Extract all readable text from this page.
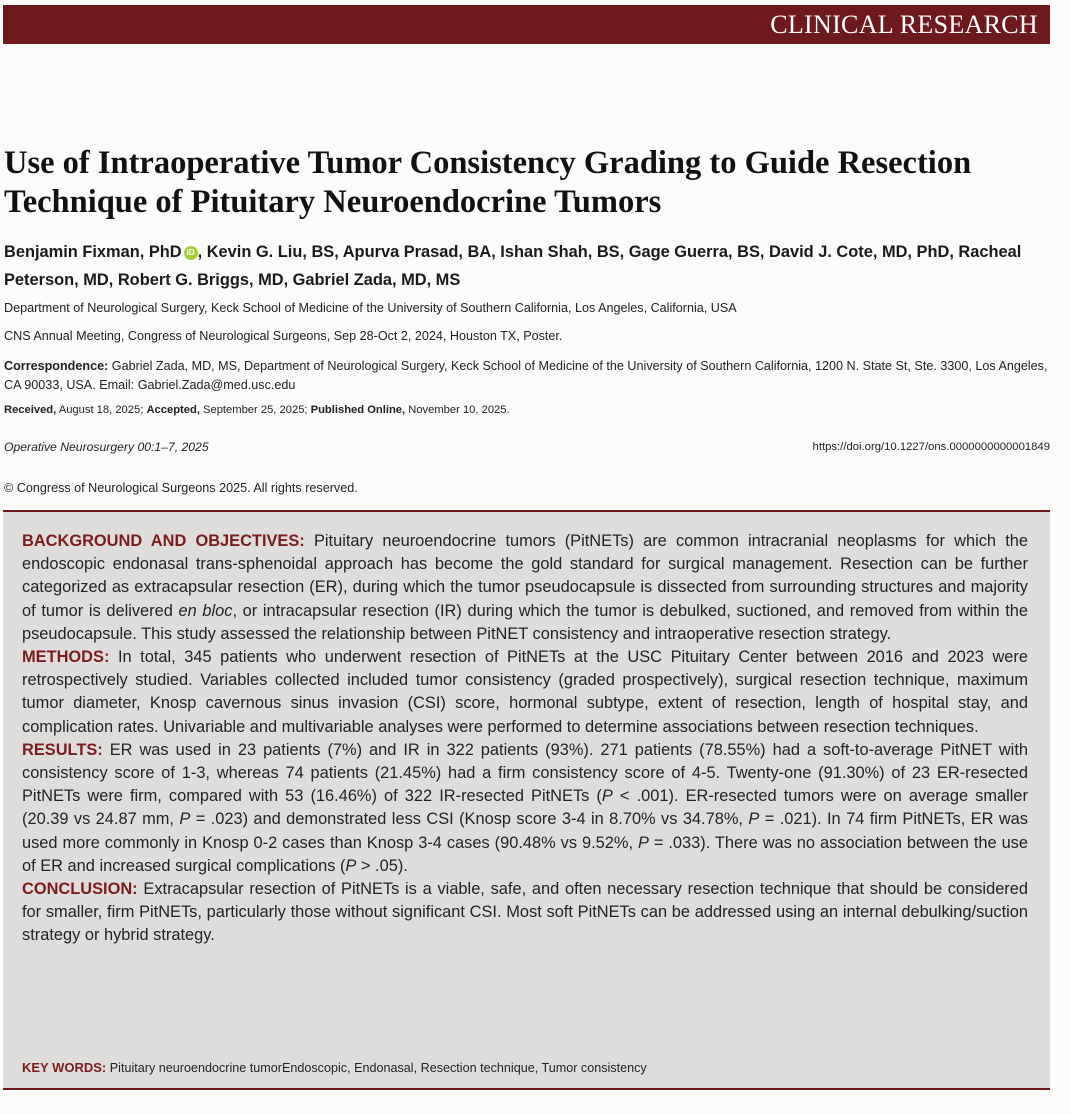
CLINICAL RESEARCH
Use of Intraoperative Tumor Consistency Grading to Guide Resection Technique of Pituitary Neuroendocrine Tumors
Benjamin Fixman, PhD iD , Kevin G. Liu, BS, Apurva Prasad, BA, Ishan Shah, BS, Gage Guerra, BS, David J. Cote, MD, PhD, Racheal Peterson, MD, Robert G. Briggs, MD, Gabriel Zada, MD, MS
Department of Neurological Surgery, Keck School of Medicine of the University of Southern California, Los Angeles, California, USA
CNS Annual Meeting, Congress of Neurological Surgeons, Sep 28-Oct 2, 2024, Houston TX, Poster.
Correspondence: Gabriel Zada, MD, MS, Department of Neurological Surgery, Keck School of Medicine of the University of Southern California, 1200 N. State St, Ste. 3300, Los Angeles, CA 90033, USA. Email: Gabriel.Zada@med.usc.edu
Received, August 18, 2025; Accepted, September 25, 2025; Published Online, November 10, 2025.
Operative Neurosurgery 00:1–7, 2025	https://doi.org/10.1227/ons.0000000000001849
© Congress of Neurological Surgeons 2025. All rights reserved.

BACKGROUND AND OBJECTIVES: Pituitary neuroendocrine tumors (PitNETs) are common intracranial neoplasms for which the endoscopic endonasal trans-sphenoidal approach has become the gold standard for surgical management. Resection can be further categorized as extracapsular resection (ER), during which the tumor pseudocapsule is dissected from surrounding structures and majority of tumor is delivered en bloc, or intracapsular resection (IR) during which the tumor is debulked, suctioned, and removed from within the pseudocapsule. This study assessed the relationship between PitNET consistency and intraoperative resection strategy.

METHODS: In total, 345 patients who underwent resection of PitNETs at the USC Pituitary Center between 2016 and 2023 were retrospectively studied. Variables collected included tumor consistency (graded prospectively), surgical resection technique, maximum tumor diameter, Knosp cavernous sinus invasion (CSI) score, hormonal subtype, extent of resection, length of hospital stay, and complication rates. Univariable and multivariable analyses were performed to determine associations between resection techniques.

RESULTS: ER was used in 23 patients (7%) and IR in 322 patients (93%). 271 patients (78.55%) had a soft-to-average PitNET with consistency score of 1-3, whereas 74 patients (21.45%) had a firm consistency score of 4-5. Twenty-one (91.30%) of 23 ER-resected PitNETs were firm, compared with 53 (16.46%) of 322 IR-resected PitNETs (P < .001). ER-resected tumors were on average smaller (20.39 vs 24.87 mm, P = .023) and demonstrated less CSI (Knosp score 3-4 in 8.70% vs 34.78%, P = .021). In 74 firm PitNETs, ER was used more commonly in Knosp 0-2 cases than Knosp 3-4 cases (90.48% vs 9.52%, P = .033). There was no association between the use of ER and increased surgical complications (P > .05).

CONCLUSION: Extracapsular resection of PitNETs is a viable, safe, and often necessary resection technique that should be considered for smaller, firm PitNETs, particularly those without significant CSI. Most soft PitNETs can be addressed using an internal debulking/suction strategy or hybrid strategy.

KEY WORDS: Pituitary neuroendocrine tumorEndoscopic, Endonasal, Resection technique, Tumor consistency
